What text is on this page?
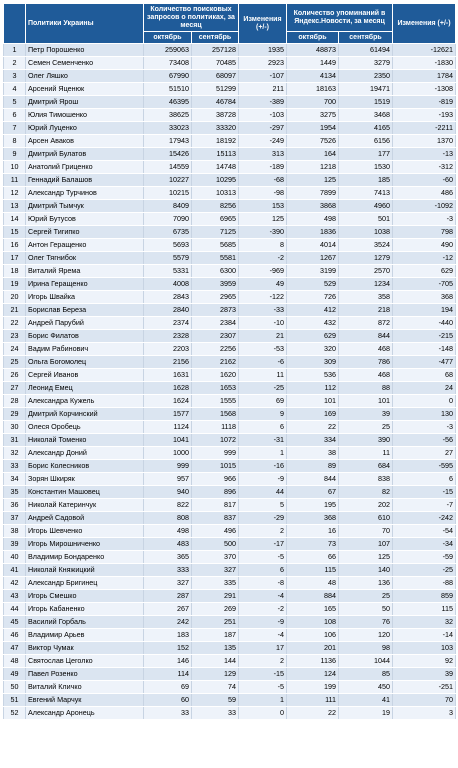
	Политики Украины	Количество поисковых запросов о политиках, за месяц		Изменения (+/-)	Количество упоминаний в Яндекс.Новости, за месяц		Изменения (+/-)
		октябрь	сентябрь		октябрь	сентябрь	
1	Петр Порошенко	259063	257128	1935	48873	61494	-12621
2	Семен Семенченко	73408	70485	2923	1449	3279	-1830
3	Олег Ляшко	67990	68097	-107	4134	2350	1784
4	Арсений Яценюк	51510	51299	211	18163	19471	-1308
5	Дмитрий Ярош	46395	46784	-389	700	1519	-819
6	Юлия Тимошенко	38625	38728	-103	3275	3468	-193
7	Юрий Луценко	33023	33320	-297	1954	4165	-2211
8	Арсен Аваков	17943	18192	-249	7526	6156	1370
9	Дмитрий Булатов	15426	15113	313	164	177	-13
10	Анатолий Гриценко	14559	14748	-189	1218	1530	-312
11	Геннадий Балашов	10227	10295	-68	125	185	-60
12	Александр Турчинов	10215	10313	-98	7899	7413	486
13	Дмитрий Тымчук	8409	8256	153	3868	4960	-1092
14	Юрий Бутусов	7090	6965	125	498	501	-3
15	Сергей Тигипко	6735	7125	-390	1836	1038	798
16	Антон Геращенко	5693	5685	8	4014	3524	490
17	Олег Тягнибок	5579	5581	-2	1267	1279	-12
18	Виталий Ярема	5331	6300	-969	3199	2570	629
19	Ирина Геращенко	4008	3959	49	529	1234	-705
20	Игорь Швайка	2843	2965	-122	726	358	368
21	Борислав Береза	2840	2873	-33	412	218	194
22	Андрей Парубий	2374	2384	-10	432	872	-440
23	Борис Филатов	2328	2307	21	629	844	-215
24	Вадим Рабинович	2203	2256	-53	320	468	-148
25	Ольга Богомолец	2156	2162	-6	309	786	-477
26	Сергей Иванов	1631	1620	11	536	468	68
27	Леонид Емец	1628	1653	-25	112	88	24
28	Александра Кужель	1624	1555	69	101	101	0
29	Дмитрий Корчинский	1577	1568	9	169	39	130
30	Олеся Оробець	1124	1118	6	22	25	-3
31	Николай Томенко	1041	1072	-31	334	390	-56
32	Александр Доний	1000	999	1	38	11	27
33	Борис Колесников	999	1015	-16	89	684	-595
34	Зорян Шкиряк	957	966	-9	844	838	6
35	Константин Машовец	940	896	44	67	82	-15
36	Николай Катеринчук	822	817	5	195	202	-7
37	Андрей Садовой	808	837	-29	368	610	-242
38	Игорь Шевченко	498	496	2	16	70	-54
39	Игорь Мирошниченко	483	500	-17	73	107	-34
40	Владимир Бондаренко	365	370	-5	66	125	-59
41	Николай Княжицкий	333	327	6	115	140	-25
42	Александр Бригинец	327	335	-8	48	136	-88
43	Игорь Смешко	287	291	-4	884	25	859
44	Игорь Кабаненко	267	269	-2	165	50	115
45	Василий Горбаль	242	251	-9	108	76	32
46	Владимир Арьев	183	187	-4	106	120	-14
47	Виктор Чумак	152	135	17	201	98	103
48	Святослав Цеголко	146	144	2	1136	1044	92
49	Павел Розенко	114	129	-15	124	85	39
50	Виталий Кличко	69	74	-5	199	450	-251
51	Евгений Марчук	60	59	1	111	41	70
52	Александр Аронець	33	33	0	22	19	3
